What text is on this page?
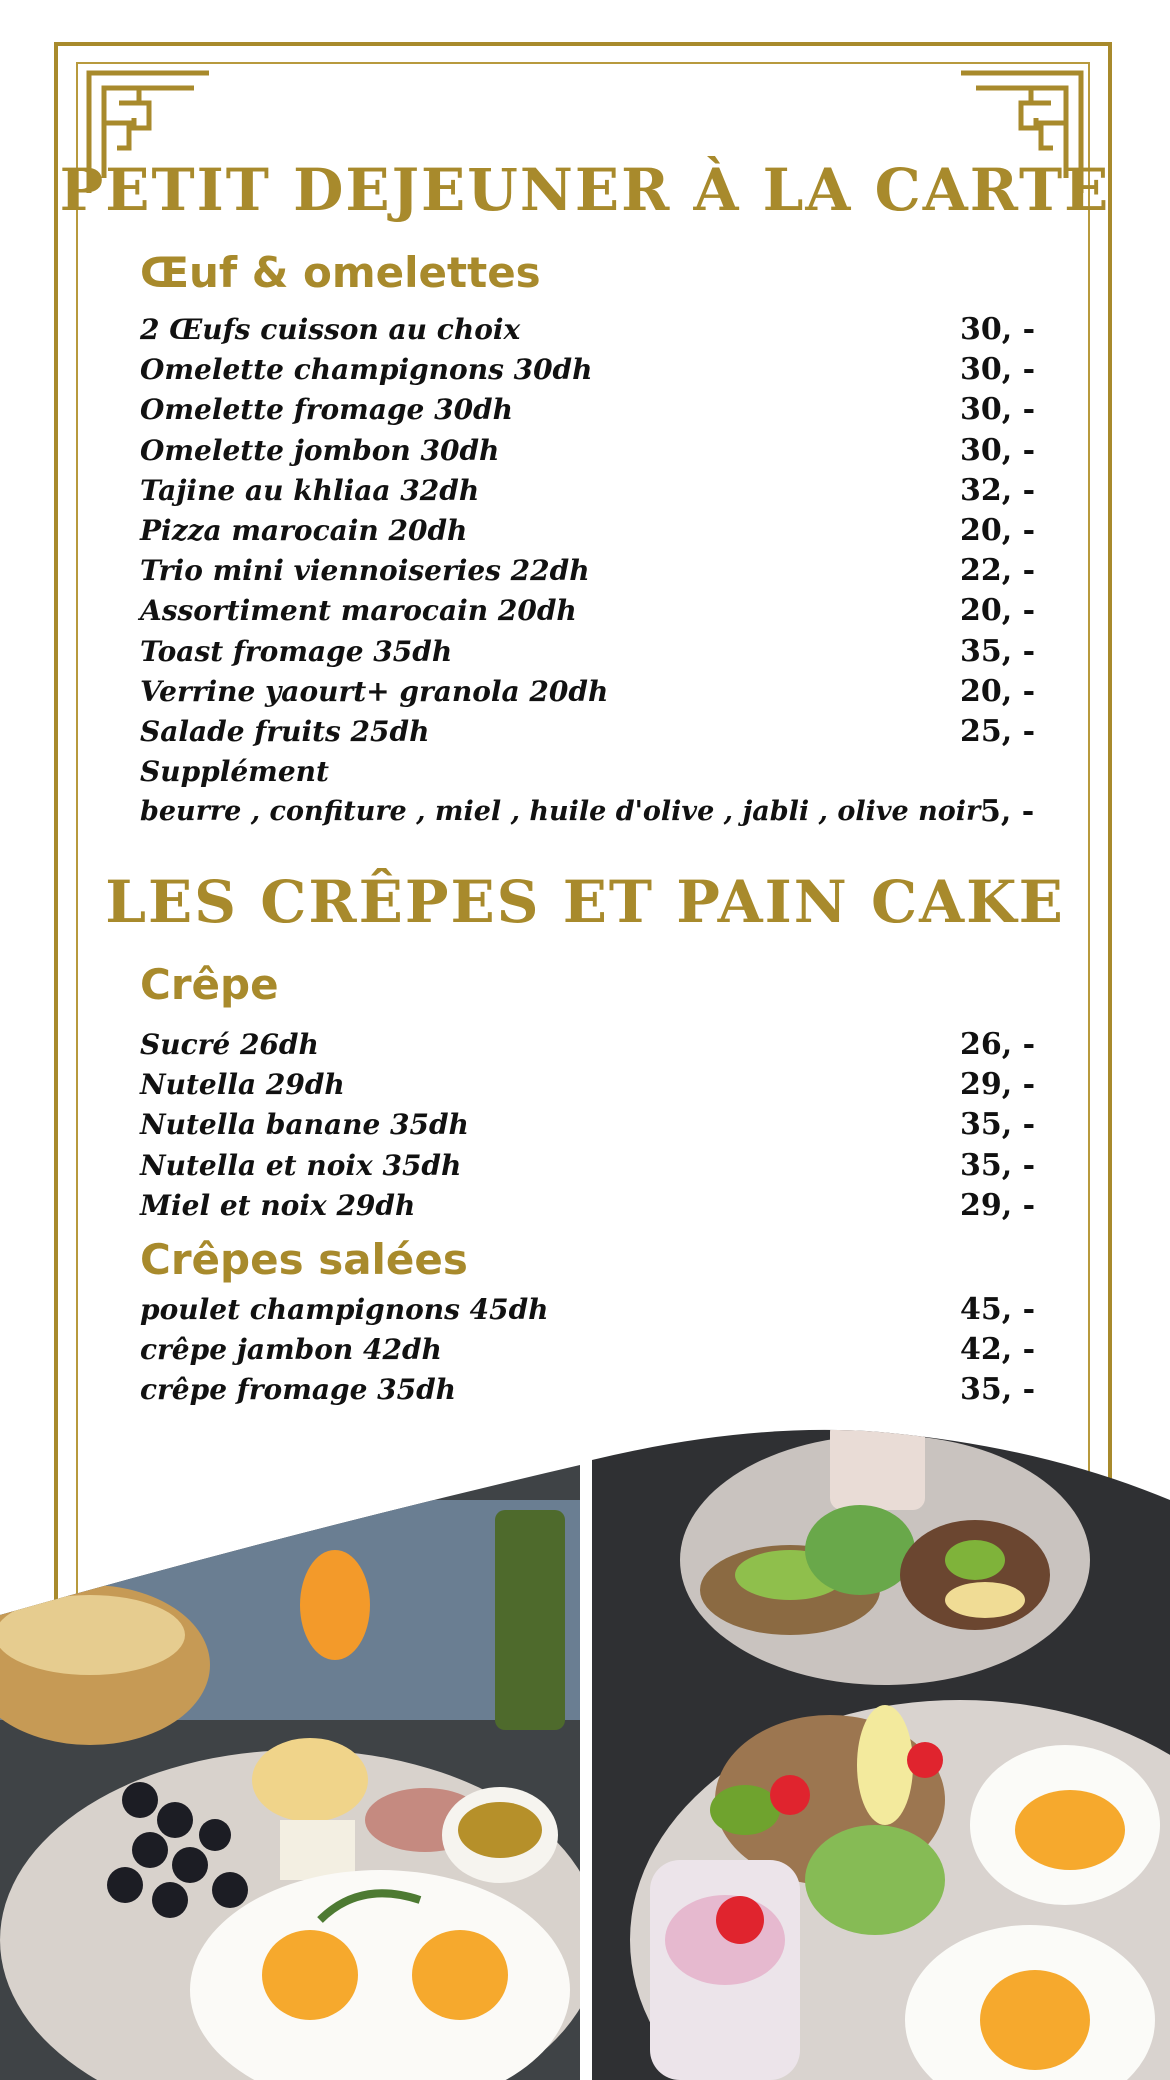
PETIT DEJEUNER À LA CARTE
Œuf & omelettes
2 Œufs cuisson au choix	30, -
Omelette champignons 30dh	30, -
Omelette fromage 30dh	30, -
Omelette jombon 30dh	30, -
Tajine au khliaa 32dh	32, -
Pizza marocain 20dh	20, -
Trio mini viennoiseries 22dh	22, -
Assortiment marocain 20dh	20, -
Toast fromage 35dh	35, -
Verrine yaourt+ granola 20dh	20, -
Salade fruits 25dh	25, -
Supplément
beurre , confiture , miel , huile d'olive , jabli , olive noir 5, -
LES CRÊPES ET PAIN CAKE
Crêpe
Sucré 26dh	26, -
Nutella 29dh	29, -
Nutella banane 35dh	35, -
Nutella et noix 35dh	35, -
Miel et noix 29dh	29, -
Crêpes salées
poulet champignons 45dh	45, -
crêpe jambon 42dh	42, -
crêpe fromage 35dh	35, -
